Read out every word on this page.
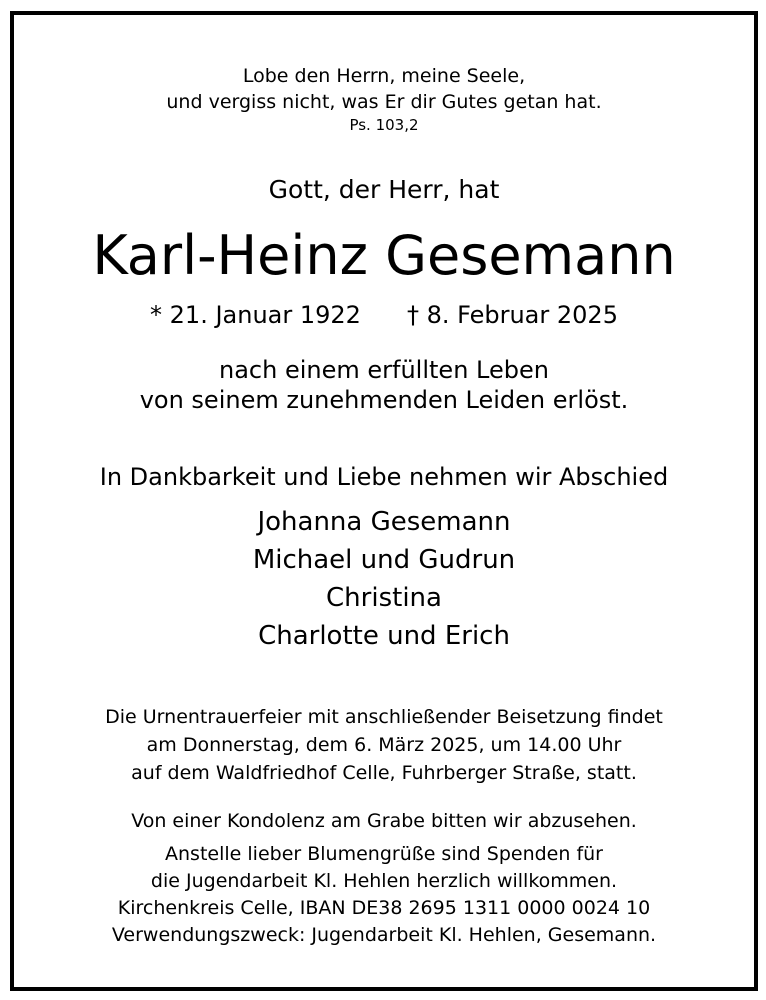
Lobe den Herrn, meine Seele,
und vergiss nicht, was Er dir Gutes getan hat.
Ps. 103,2
Gott, der Herr, hat
Karl-Heinz Gesemann
* 21. Januar 1922 † 8. Februar 2025
nach einem erfüllten Leben
von seinem zunehmenden Leiden erlöst.
In Dankbarkeit und Liebe nehmen wir Abschied
Johanna Gesemann
Michael und Gudrun
Christina
Charlotte und Erich
Die Urnentrauerfeier mit anschließender Beisetzung findet
am Donnerstag, dem 6. März 2025, um 14.00 Uhr
auf dem Waldfriedhof Celle, Fuhrberger Straße, statt.
Von einer Kondolenz am Grabe bitten wir abzusehen.
Anstelle lieber Blumengrüße sind Spenden für
die Jugendarbeit Kl. Hehlen herzlich willkommen.
Kirchenkreis Celle, IBAN DE38 2695 1311 0000 0024 10
Verwendungszweck: Jugendarbeit Kl. Hehlen, Gesemann.
